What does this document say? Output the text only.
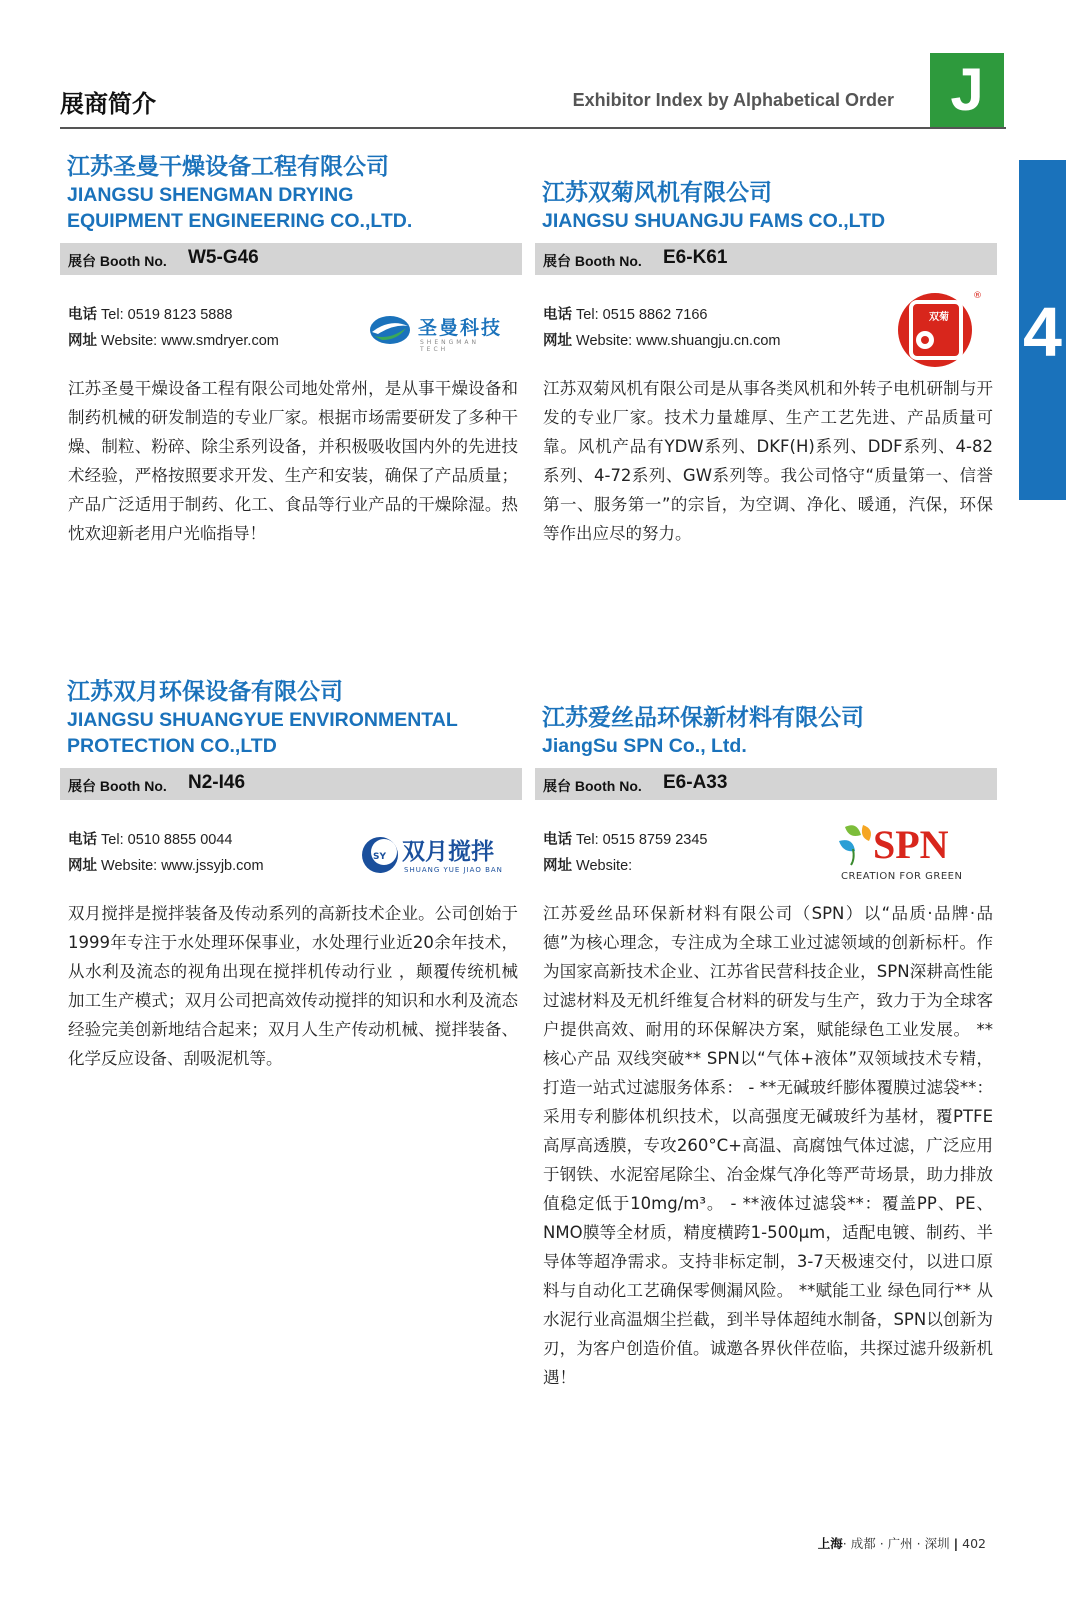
展商简介	Exhibitor Index by Alphabetical Order J
4

江苏圣曼干燥设备工程有限公司

JIANGSU SHENGMAN DRYING

EQUIPMENT ENGINEERING CO.,LTD.

展台 Booth No. W5-G46
电话 Tel: 0519 8123 5888
网址 Website: www.smdryer.com
圣曼科技
SHENGMAN TECH

江苏圣曼干燥设备工程有限公司地处常州，是从事干燥设备和制药机械的研发制造的专业厂家。根据市场需要研发了多种干燥、制粒、粉碎、除尘系列设备，并积极吸收国内外的先进技术经验，严格按照要求开发、生产和安装，确保了产品质量；产品广泛适用于制药、化工、食品等行业产品的干燥除湿。热忱欢迎新老用户光临指导！

江苏双菊风机有限公司

JIANGSU SHUANGJU FAMS CO.,LTD

展台 Booth No. E6-K61
电话 Tel: 0515 8862 7166
网址 Website: www.shuangju.cn.com
®
双菊

江苏双菊风机有限公司是从事各类风机和外转子电机研制与开发的专业厂家。技术力量雄厚、生产工艺先进、产品质量可靠。风机产品有YDW系列、DKF(H)系列、DDF系列、4-82系列、4-72系列、GW系列等。我公司恪守“质量第一、信誉第一、服务第一”的宗旨，为空调、净化、暖通，汽保，环保等作出应尽的努力。

江苏双月环保设备有限公司

JIANGSU SHUANGYUE ENVIRONMENTAL

PROTECTION CO.,LTD

展台 Booth No. N2-I46
电话 Tel: 0510 8855 0044
网址 Website: www.jssyjb.com
SY 双月搅拌
SHUANG YUE JIAO BAN

双月搅拌是搅拌装备及传动系列的高新技术企业。公司创始于1999年专注于水处理环保事业，水处理行业近20余年技术，从水利及流态的视角出现在搅拌机传动行业 ，颠覆传统机械加工生产模式；双月公司把高效传动搅拌的知识和水利及流态经验完美创新地结合起来；双月人生产传动机械、搅拌装备、化学反应设备、刮吸泥机等。

江苏爱丝品环保新材料有限公司

JiangSu SPN Co., Ltd.

展台 Booth No. E6-A33
电话 Tel: 0515 8759 2345
网址 Website:	SPN
CREATION FOR GREEN

江苏爱丝品环保新材料有限公司（SPN）以“品质·品牌·品德”为核心理念，专注成为全球工业过滤领域的创新标杆。作为国家高新技术企业、江苏省民营科技企业，SPN深耕高性能过滤材料及无机纤维复合材料的研发与生产，致力于为全球客户提供高效、耐用的环保解决方案，赋能绿色工业发展。 **核心产品 双线突破** SPN以“气体+液体”双领域技术专精，打造一站式过滤服务体系： - **无碱玻纤膨体覆膜过滤袋**：采用专利膨体机织技术，以高强度无碱玻纤为基材，覆PTFE高厚高透膜，专攻260°C+高温、高腐蚀气体过滤，广泛应用于钢铁、水泥窑尾除尘、冶金煤气净化等严苛场景，助力排放值稳定低于10mg/m³。 - **液体过滤袋**：覆盖PP、PE、NMO膜等全材质，精度横跨1-500μm，适配电镀、制药、半导体等超净需求。支持非标定制，3-7天极速交付，以进口原料与自动化工艺确保零侧漏风险。 **赋能工业 绿色同行** 从水泥行业高温烟尘拦截，到半导体超纯水制备，SPN以创新为刃，为客户创造价值。诚邀各界伙伴莅临，共探过滤升级新机遇！

上海· 成都 · 广州 · 深圳 | 402
